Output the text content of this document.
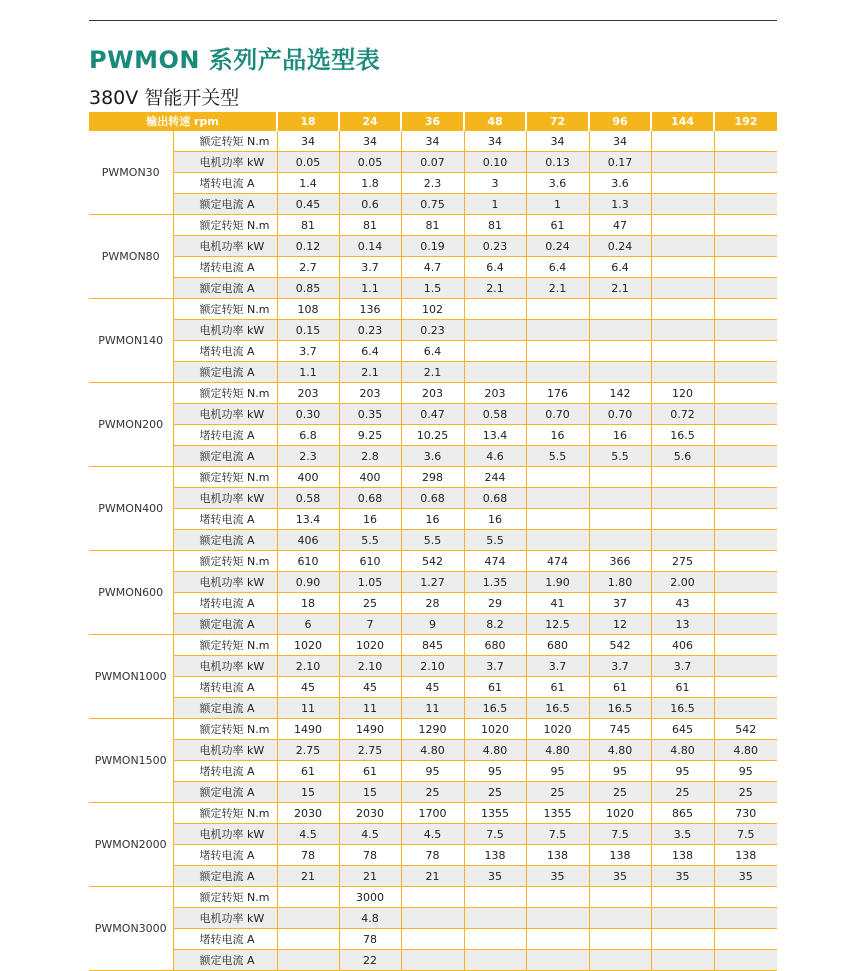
PWMON 系列产品选型表
380V 智能开关型
输出转速 rpm		18	24	36	48	72	96	144	192
PWMON30	额定转矩 N.m	34	34	34	34	34	34		
	电机功率 kW	0.05	0.05	0.07	0.10	0.13	0.17		
	堵转电流 A	1.4	1.8	2.3	3	3.6	3.6		
	额定电流 A	0.45	0.6	0.75	1	1	1.3		
PWMON80	额定转矩 N.m	81	81	81	81	61	47		
	电机功率 kW	0.12	0.14	0.19	0.23	0.24	0.24		
	堵转电流 A	2.7	3.7	4.7	6.4	6.4	6.4		
	额定电流 A	0.85	1.1	1.5	2.1	2.1	2.1		
PWMON140	额定转矩 N.m	108	136	102					
	电机功率 kW	0.15	0.23	0.23					
	堵转电流 A	3.7	6.4	6.4					
	额定电流 A	1.1	2.1	2.1					
PWMON200	额定转矩 N.m	203	203	203	203	176	142	120	
	电机功率 kW	0.30	0.35	0.47	0.58	0.70	0.70	0.72	
	堵转电流 A	6.8	9.25	10.25	13.4	16	16	16.5	
	额定电流 A	2.3	2.8	3.6	4.6	5.5	5.5	5.6	
PWMON400	额定转矩 N.m	400	400	298	244				
	电机功率 kW	0.58	0.68	0.68	0.68				
	堵转电流 A	13.4	16	16	16				
	额定电流 A	406	5.5	5.5	5.5				
PWMON600	额定转矩 N.m	610	610	542	474	474	366	275	
	电机功率 kW	0.90	1.05	1.27	1.35	1.90	1.80	2.00	
	堵转电流 A	18	25	28	29	41	37	43	
	额定电流 A	6	7	9	8.2	12.5	12	13	
PWMON1000	额定转矩 N.m	1020	1020	845	680	680	542	406	
	电机功率 kW	2.10	2.10	2.10	3.7	3.7	3.7	3.7	
	堵转电流 A	45	45	45	61	61	61	61	
	额定电流 A	11	11	11	16.5	16.5	16.5	16.5	
PWMON1500	额定转矩 N.m	1490	1490	1290	1020	1020	745	645	542
	电机功率 kW	2.75	2.75	4.80	4.80	4.80	4.80	4.80	4.80
	堵转电流 A	61	61	95	95	95	95	95	95
	额定电流 A	15	15	25	25	25	25	25	25
PWMON2000	额定转矩 N.m	2030	2030	1700	1355	1355	1020	865	730
	电机功率 kW	4.5	4.5	4.5	7.5	7.5	7.5	3.5	7.5
	堵转电流 A	78	78	78	138	138	138	138	138
	额定电流 A	21	21	21	35	35	35	35	35
PWMON3000	额定转矩 N.m		3000						
	电机功率 kW		4.8						
	堵转电流 A		78						
	额定电流 A		22						
